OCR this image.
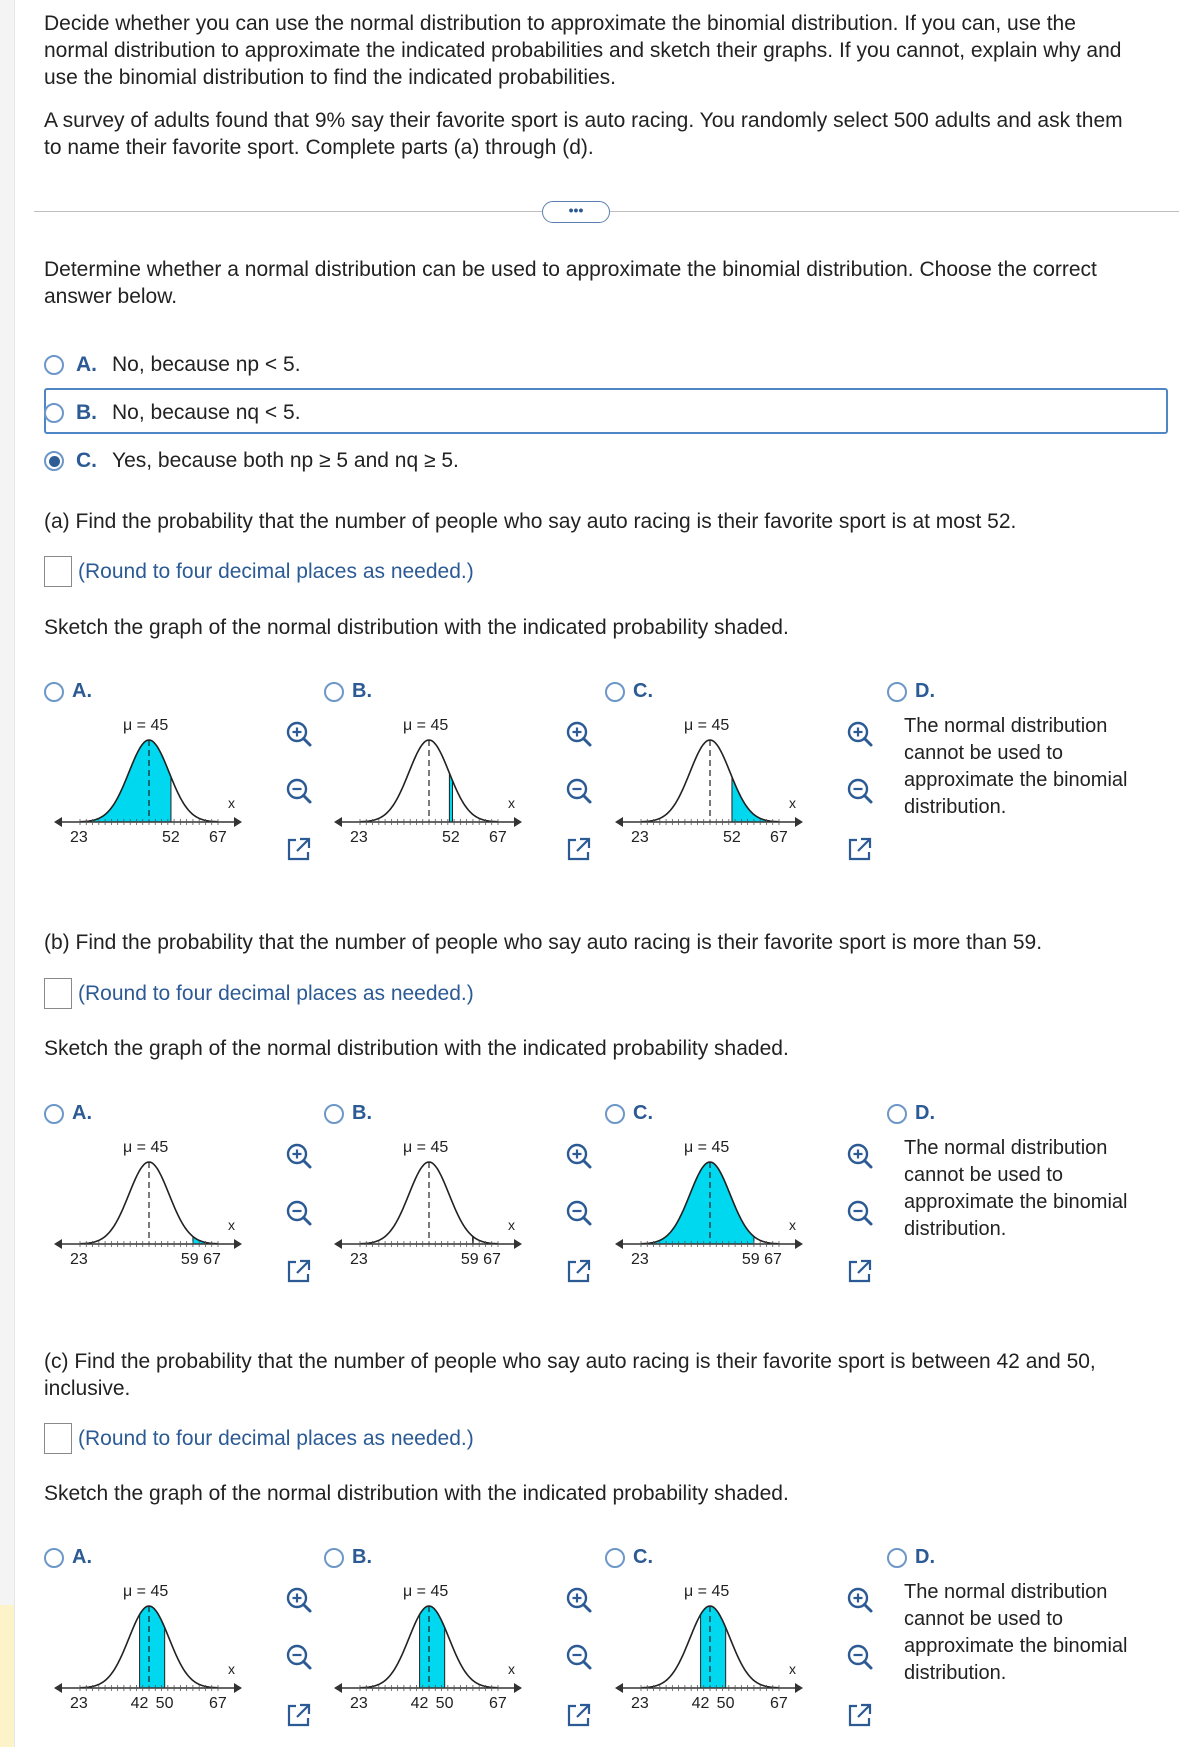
Decide whether you can use the normal distribution to approximate the binomial distribution. If you can, use the normal distribution to approximate the indicated probabilities and sketch their graphs. If you cannot, explain why and use the binomial distribution to find the indicated probabilities.
A survey of adults found that 9% say their favorite sport is auto racing. You randomly select 500 adults and ask them to name their favorite sport. Complete parts (a) through (d).
•••
Determine whether a normal distribution can be used to approximate the binomial distribution. Choose the correct answer below.
A. No, because np < 5.
B. No, because nq < 5.
C. Yes, because both np ≥ 5 and nq ≥ 5.
(a) Find the probability that the number of people who say auto racing is their favorite sport is at most 52.
(Round to four decimal places as needed.)
Sketch the graph of the normal distribution with the indicated probability shaded.
(b) Find the probability that the number of people who say auto racing is their favorite sport is more than 59.
(Round to four decimal places as needed.)
Sketch the graph of the normal distribution with the indicated probability shaded.
(c) Find the probability that the number of people who say auto racing is their favorite sport is between 42 and 50, inclusive.
(Round to four decimal places as needed.)
Sketch the graph of the normal distribution with the indicated probability shaded.
A.
μ = 45
x
23	52 67
B.
μ = 45
x
23	52 67
C.
μ = 45
x
23	52 67
D.
The normal distribution cannot be used to approximate the binomial distribution.
A.
μ = 45
x
23	59 67
B.
μ = 45
x
23	59 67
C.
μ = 45
x
23	59 67
D.
The normal distribution cannot be used to approximate the binomial distribution.
A.
μ = 45
x
23	42 50 67
B.
μ = 45
x
23	42 50 67
C.
μ = 45
x
23	42 50 67
D.
The normal distribution cannot be used to approximate the binomial distribution.
